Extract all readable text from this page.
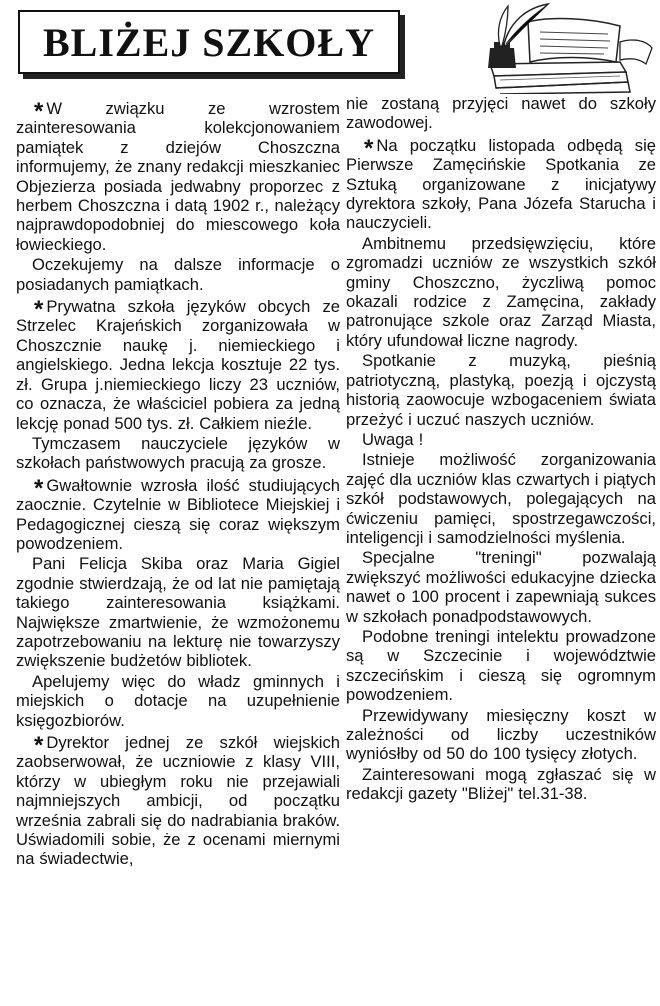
BLIŻEJ SZKOŁY

* W związku ze wzrostem zainteresowania kolekcjonowaniem pamiątek z dziejów Choszczna informujemy, że znany redakcji mieszkaniec Objezierza posiada jedwabny proporzec z herbem Choszczna i datą 1902 r., należący najprawdopodobniej do miescowego koła łowieckiego.

Oczekujemy na dalsze informacje o posiadanych pamiątkach.

* Prywatna szkoła języków obcych ze Strzelec Krajeńskich zorganizowała w Choszcznie naukę j. niemieckiego i angielskiego. Jedna lekcja kosztuje 22 tys. zł. Grupa j.niemieckiego liczy 23 uczniów, co oznacza, że właściciel pobiera za jedną lekcję ponad 500 tys. zł. Całkiem nieźle.

Tymczasem nauczyciele języków w szkołach państwowych pracują za grosze.

* Gwałtownie wzrosła ilość studiujących zaocznie. Czytelnie w Bibliotece Miejskiej i Pedagogicznej cieszą się coraz większym powodzeniem.

Pani Felicja Skiba oraz Maria Gigiel zgodnie stwierdzają, że od lat nie pamiętają takiego zainteresowania książkami. Największe zmartwienie, że wzmożonemu zapotrzebowaniu na lekturę nie towarzyszy zwiększenie budżetów bibliotek.

Apelujemy więc do władz gminnych i miejskich o dotacje na uzupełnienie księgozbiorów.

* Dyrektor jednej ze szkół wiejskich zaobserwował, że uczniowie z klasy VIII, którzy w ubiegłym roku nie przejawiali najmniejszych ambicji, od początku września zabrali się do nadrabiania braków. Uświadomili sobie, że z ocenami miernymi na świadectwie,

nie zostaną przyjęci nawet do szkoły zawodowej.

* Na początku listopada odbędą się Pierwsze Zamęcińskie Spotkania ze Sztuką organizowane z inicjatywy dyrektora szkoły, Pana Józefa Starucha i nauczycieli.

Ambitnemu przedsięwzięciu, które zgromadzi uczniów ze wszystkich szkół gminy Choszczno, życzliwą pomoc okazali rodzice z Zamęcina, zakłady patronujące szkole oraz Zarząd Miasta, który ufundował liczne nagrody.

Spotkanie z muzyką, pieśnią patriotyczną, plastyką, poezją i ojczystą historią zaowocuje wzbogaceniem świata przeżyć i uczuć naszych uczniów.

Uwaga !

Istnieje możliwość zorganizowania zajęć dla uczniów klas czwartych i piątych szkół podstawowych, polegających na ćwiczeniu pamięci, spostrzegawczości, inteligencji i samodzielności myślenia.

Specjalne "treningi" pozwalają zwiększyć możliwości edukacyjne dziecka nawet o 100 procent i zapewniają sukces w szkołach ponadpodstawowych.

Podobne treningi intelektu prowadzone są w Szczecinie i województwie szczecińskim i cieszą się ogromnym powodzeniem.

Przewidywany miesięczny koszt w zależności od liczby uczestników wyniósłby od 50 do 100 tysięcy złotych.

Zainteresowani mogą zgłaszać się w redakcji gazety "Bliżej" tel.31-38.
